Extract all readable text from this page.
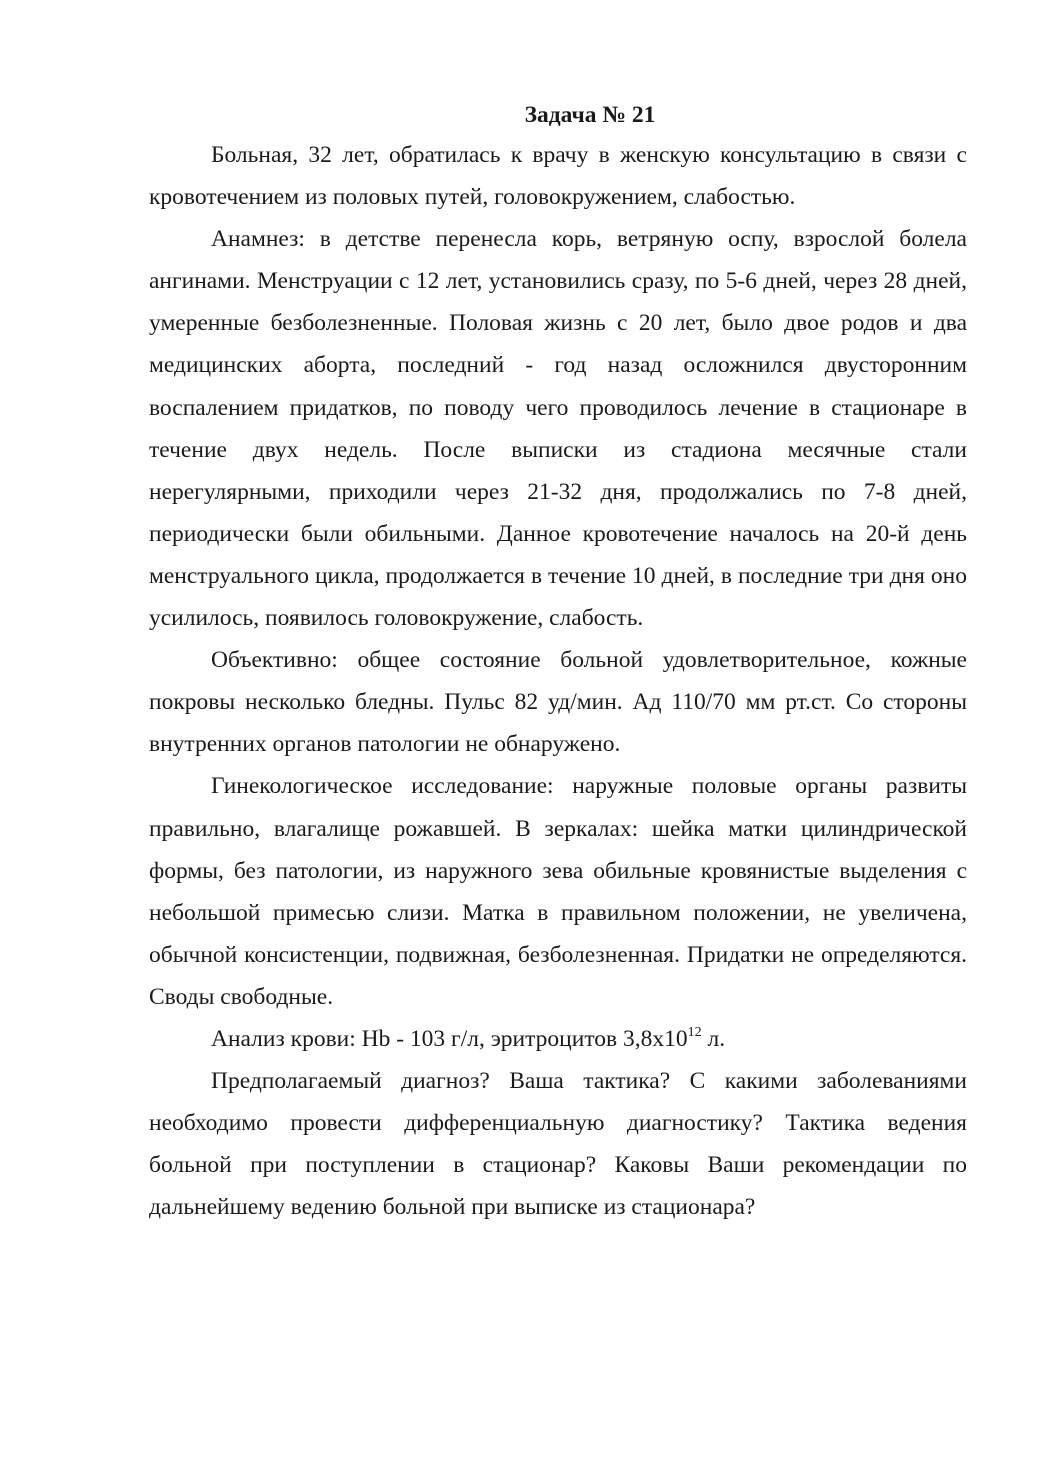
Задача № 21

Больная, 32 лет, обратилась к врачу в женскую консультацию в связи с кровотечением из половых путей, головокружением, слабостью.

Анамнез: в детстве перенесла корь, ветряную оспу, взрослой болела ангинами. Менструации с 12 лет, установились сразу, по 5-6 дней, через 28 дней, умеренные безболезненные. Половая жизнь с 20 лет, было двое родов и два медицинских аборта, последний - год назад осложнился двусторонним воспалением придатков, по поводу чего проводилось лечение в стационаре в течение двух недель. После выписки из стадиона месячные стали нерегулярными, приходили через 21-32 дня, продолжались по 7-8 дней, периодически были обильными. Данное кровотечение началось на 20-й день менструального цикла, продолжается в течение 10 дней, в последние три дня оно усилилось, появилось головокружение, слабость.

Объективно: общее состояние больной удовлетворительное, кожные покровы несколько бледны. Пульс 82 уд/мин. Ад 110/70 мм рт.ст. Со стороны внутренних органов патологии не обнаружено.

Гинекологическое исследование: наружные половые органы развиты правильно, влагалище рожавшей. В зеркалах: шейка матки цилиндрической формы, без патологии, из наружного зева обильные кровянистые выделения с небольшой примесью слизи. Матка в правильном положении, не увеличена, обычной консистенции, подвижная, безболезненная. Придатки не определяются. Своды свободные.

Анализ крови: Hb - 103 г/л, эритроцитов $3,8х10^{12}$ л.

Предполагаемый диагноз? Ваша тактика? С какими заболеваниями необходимо провести дифференциальную диагностику? Тактика ведения больной при поступлении в стационар? Каковы Ваши рекомендации по дальнейшему ведению больной при выписке из стационара?
